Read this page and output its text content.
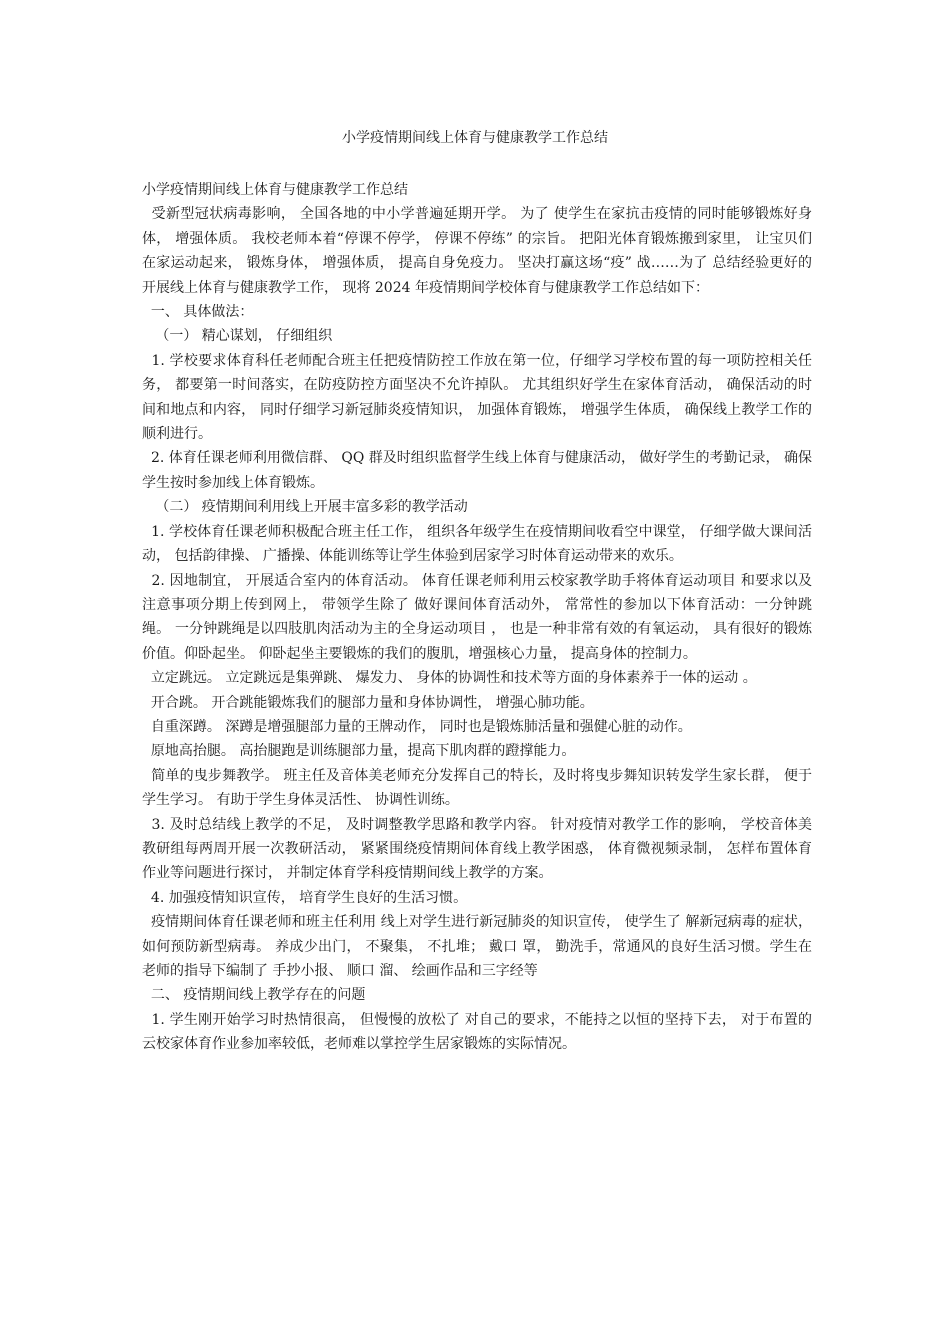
小学疫情期间线上体育与健康教学工作总结

小学疫情期间线上体育与健康教学工作总结

受新型冠状病毒影响， 全国各地的中小学普遍延期开学。 为了 使学生在家抗击疫情的同时能够锻炼好身体， 增强体质。 我校老师本着“停课不停学， 停课不停练” 的宗旨。 把阳光体育锻炼搬到家里， 让宝贝们在家运动起来， 锻炼身体， 增强体质， 提高自身免疫力。 坚决打赢这场“疫” 战……为了 总结经验更好的开展线上体育与健康教学工作， 现将 2024 年疫情期间学校体育与健康教学工作总结如下：

一、 具体做法：

（一） 精心谋划， 仔细组织

1. 学校要求体育科任老师配合班主任把疫情防控工作放在第一位，仔细学习学校布置的每一项防控相关任务， 都要第一时间落实，在防疫防控方面坚决不允许掉队。 尤其组织好学生在家体育活动， 确保活动的时间和地点和内容， 同时仔细学习新冠肺炎疫情知识， 加强体育锻炼， 增强学生体质， 确保线上教学工作的顺利进行。

2. 体育任课老师利用微信群、 QQ 群及时组织监督学生线上体育与健康活动， 做好学生的考勤记录， 确保学生按时参加线上体育锻炼。

（二） 疫情期间利用线上开展丰富多彩的教学活动

1. 学校体育任课老师积极配合班主任工作， 组织各年级学生在疫情期间收看空中课堂， 仔细学做大课间活动， 包括韵律操、 广播操、体能训练等让学生体验到居家学习时体育运动带来的欢乐。

2. 因地制宜， 开展适合室内的体育活动。 体育任课老师利用云校家教学助手将体育运动项目 和要求以及注意事项分期上传到网上， 带领学生除了 做好课间体育活动外， 常常性的参加以下体育活动：一分钟跳绳。 一分钟跳绳是以四肢肌肉活动为主的全身运动项目 ， 也是一种非常有效的有氧运动， 具有很好的锻炼价值。仰卧起坐。 仰卧起坐主要锻炼的我们的腹肌，增强核心力量， 提高身体的控制力。

立定跳远。 立定跳远是集弹跳、 爆发力、 身体的协调性和技术等方面的身体素养于一体的运动 。

开合跳。 开合跳能锻炼我们的腿部力量和身体协调性， 增强心肺功能。

自重深蹲。 深蹲是增强腿部力量的王牌动作， 同时也是锻炼肺活量和强健心脏的动作。

原地高抬腿。 高抬腿跑是训练腿部力量，提高下肌肉群的蹬撑能力。

简单的曳步舞教学。 班主任及音体美老师充分发挥自己的特长，及时将曳步舞知识转发学生家长群， 便于学生学习。 有助于学生身体灵活性、 协调性训练。

3. 及时总结线上教学的不足， 及时调整教学思路和教学内容。 针对疫情对教学工作的影响， 学校音体美教研组每两周开展一次教研活动， 紧紧围绕疫情期间体育线上教学困惑， 体育微视频录制， 怎样布置体育作业等问题进行探讨， 并制定体育学科疫情期间线上教学的方案。

4. 加强疫情知识宣传， 培育学生良好的生活习惯。

疫情期间体育任课老师和班主任利用 线上对学生进行新冠肺炎的知识宣传， 使学生了 解新冠病毒的症状， 如何预防新型病毒。 养成少出门， 不聚集， 不扎堆； 戴口 罩， 勤洗手，常通风的良好生活习惯。学生在老师的指导下编制了 手抄小报、 顺口 溜、 绘画作品和三字经等

二、 疫情期间线上教学存在的问题

1. 学生刚开始学习时热情很高， 但慢慢的放松了 对自己的要求，不能持之以恒的坚持下去， 对于布置的云校家体育作业参加率较低，老师难以掌控学生居家锻炼的实际情况。
